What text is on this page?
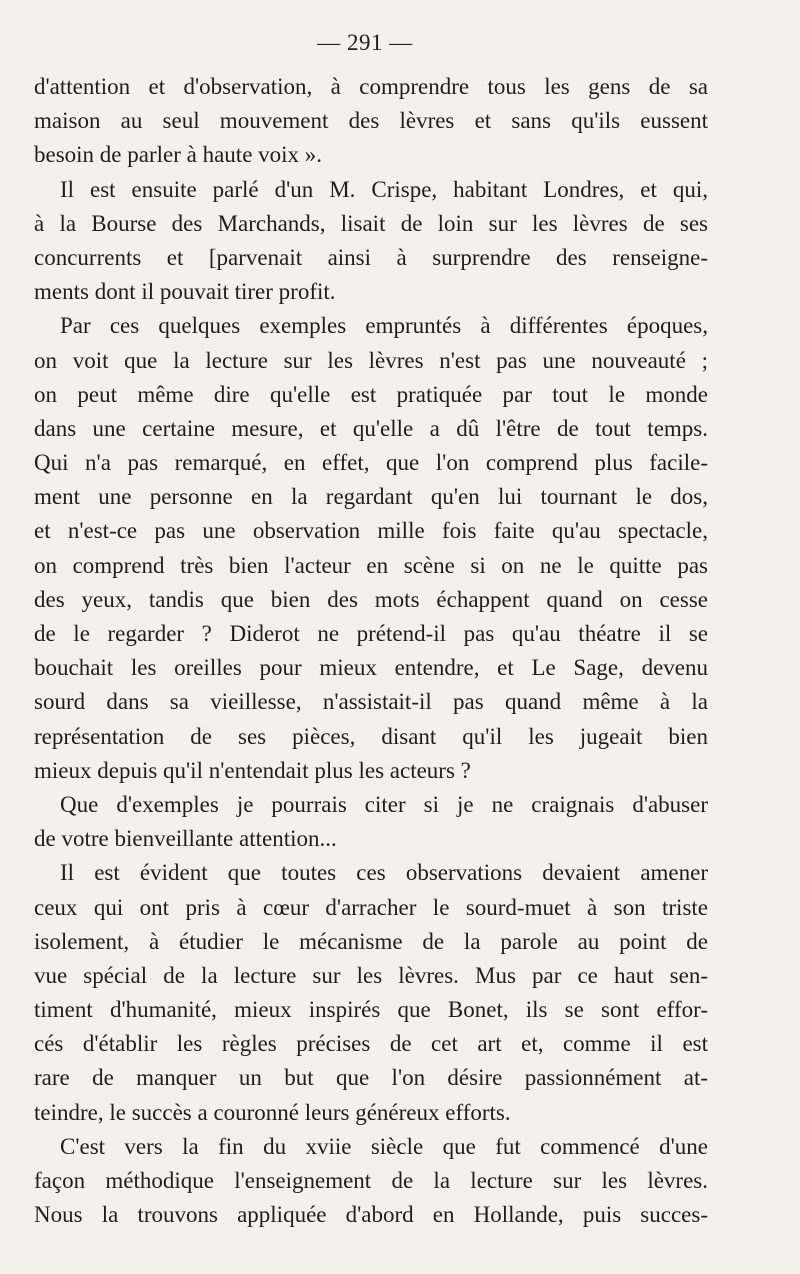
— 291 —
d'attention et d'observation, à comprendre tous les gens de sa
maison au seul mouvement des lèvres et sans qu'ils eussent
besoin de parler à haute voix ».
Il est ensuite parlé d'un M. Crispe, habitant Londres, et qui,
à la Bourse des Marchands, lisait de loin sur les lèvres de ses
concurrents et [parvenait ainsi à surprendre des renseigne-
ments dont il pouvait tirer profit.
Par ces quelques exemples empruntés à différentes époques,
on voit que la lecture sur les lèvres n'est pas une nouveauté ;
on peut même dire qu'elle est pratiquée par tout le monde
dans une certaine mesure, et qu'elle a dû l'être de tout temps.
Qui n'a pas remarqué, en effet, que l'on comprend plus facile-
ment une personne en la regardant qu'en lui tournant le dos,
et n'est-ce pas une observation mille fois faite qu'au spectacle,
on comprend très bien l'acteur en scène si on ne le quitte pas
des yeux, tandis que bien des mots échappent quand on cesse
de le regarder ? Diderot ne prétend-il pas qu'au théatre il se
bouchait les oreilles pour mieux entendre, et Le Sage, devenu
sourd dans sa vieillesse, n'assistait-il pas quand même à la
représentation de ses pièces, disant qu'il les jugeait bien
mieux depuis qu'il n'entendait plus les acteurs ?
Que d'exemples je pourrais citer si je ne craignais d'abuser
de votre bienveillante attention...
Il est évident que toutes ces observations devaient amener
ceux qui ont pris à cœur d'arracher le sourd-muet à son triste
isolement, à étudier le mécanisme de la parole au point de
vue spécial de la lecture sur les lèvres. Mus par ce haut sen-
timent d'humanité, mieux inspirés que Bonet, ils se sont effor-
cés d'établir les règles précises de cet art et, comme il est
rare de manquer un but que l'on désire passionnément at-
teindre, le succès a couronné leurs généreux efforts.
C'est vers la fin du xviie siècle que fut commencé d'une
façon méthodique l'enseignement de la lecture sur les lèvres.
Nous la trouvons appliquée d'abord en Hollande, puis succes-
